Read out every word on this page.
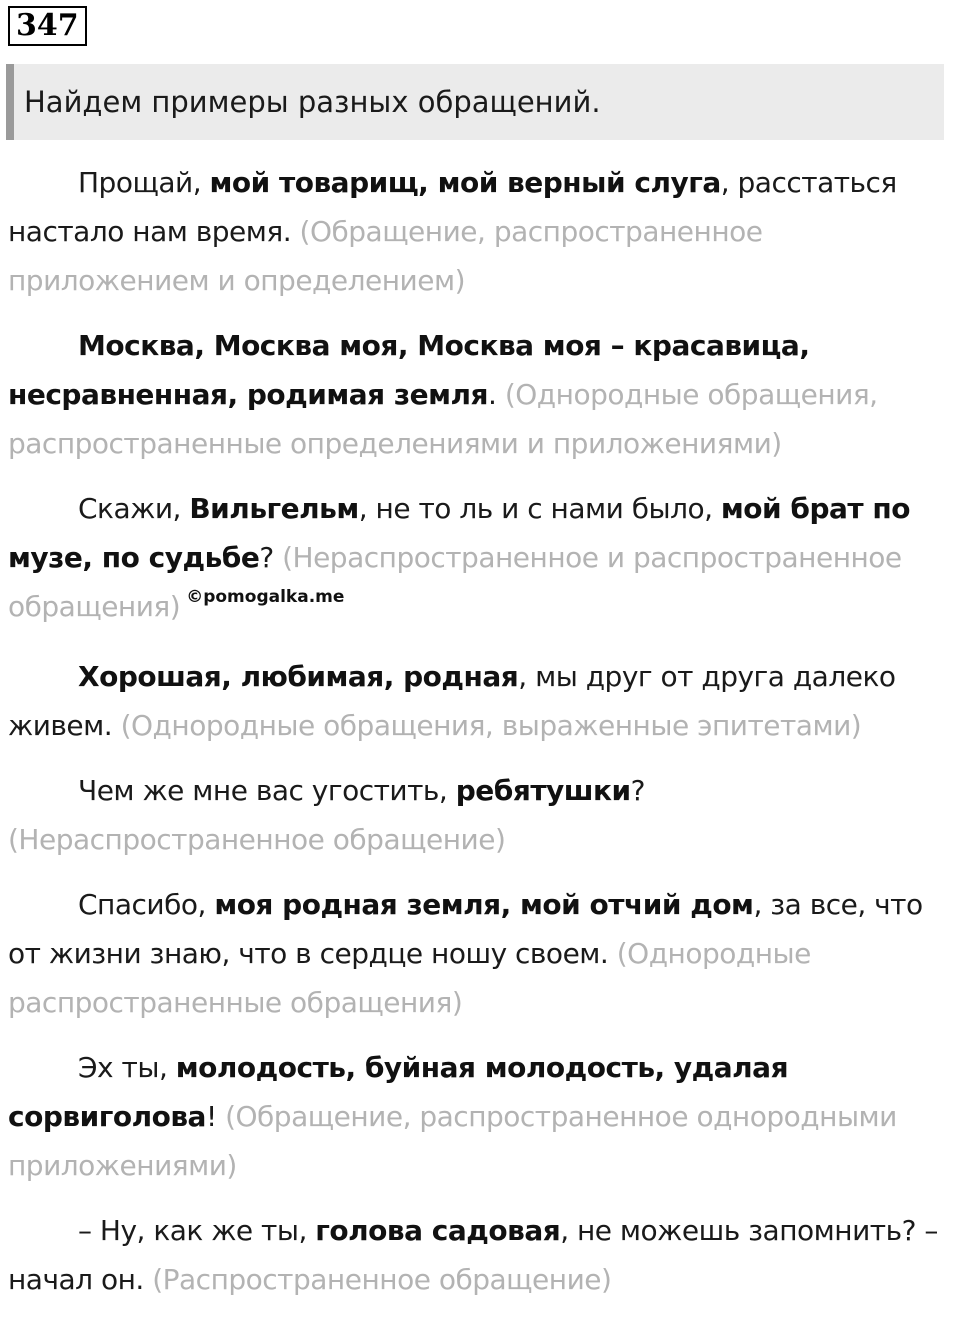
347
Найдем примеры разных обращений.

Прощай, мой товарищ, мой верный слуга, расстаться настало нам время. (Обращение, распространенное приложением и определением)

Москва, Москва моя, Москва моя – красавица, несравненная, родимая земля. (Однородные обращения, распространенные определениями и приложениями)

Скажи, Вильгельм, не то ль и с нами было, мой брат по музе, по судьбе? (Нераспространенное и распространенное обращения) $^{©pomogalka.me}$

Хорошая, любимая, родная, мы друг от друга далеко живем. (Однородные обращения, выраженные эпитетами)

Чем же мне вас угостить, ребятушки? (Нераспространенное обращение)

Спасибо, моя родная земля, мой отчий дом, за все, что от жизни знаю, что в сердце ношу своем. (Однородные распространенные обращения)

Эх ты, молодость, буйная молодость, удалая сорвиголова! (Обращение, распространенное однородными приложениями)

– Ну, как же ты, голова садовая, не можешь запомнить? – начал он. (Распространенное обращение)
